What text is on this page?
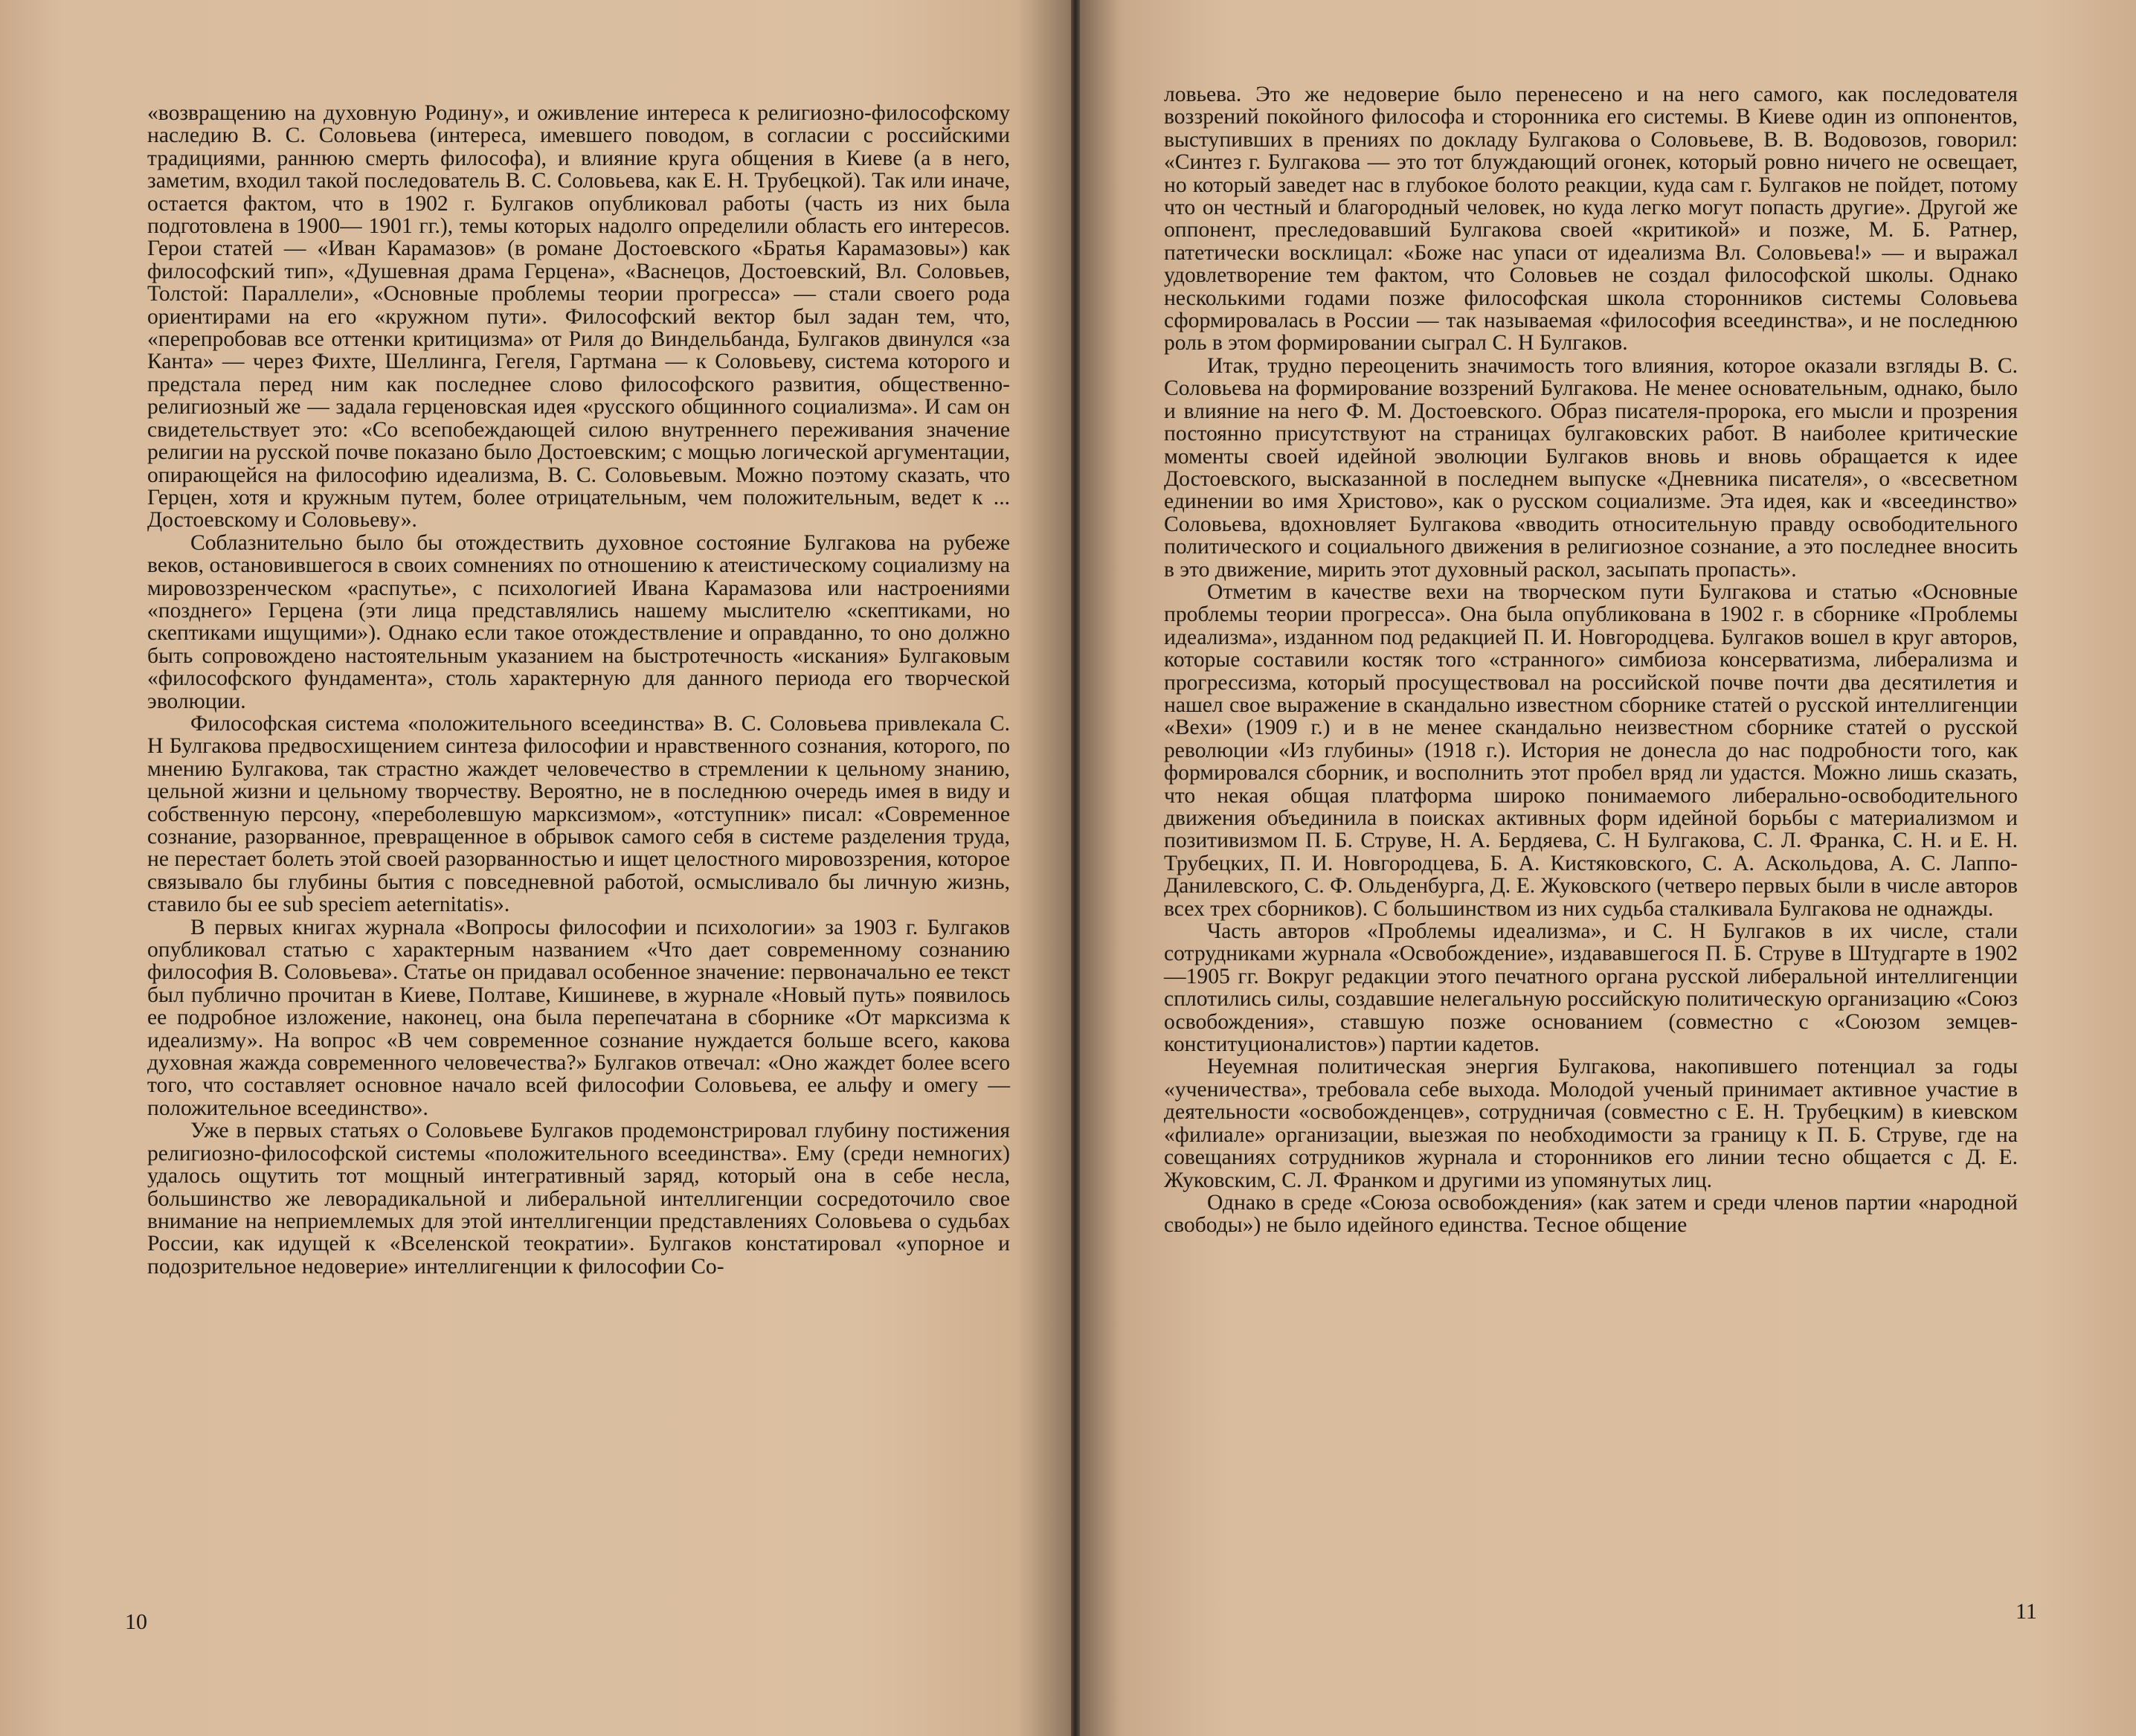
«возвращению на духовную Родину», и оживление интереса к религиозно-философскому наследию В. С. Соловьева (интереса, имевшего поводом, в согласии с российскими традициями, раннюю смерть философа), и влияние круга общения в Киеве (а в него, заметим, входил такой последователь В. С. Соловьева, как Е. Н. Трубецкой). Так или иначе, остается фактом, что в 1902 г. Булгаков опубликовал работы (часть из них была подготовлена в 1900— 1901 гг.), темы которых надолго определили область его интересов. Герои статей — «Иван Карамазов» (в романе Достоевского «Братья Карамазовы») как философский тип», «Душевная драма Герцена», «Васнецов, Достоевский, Вл. Соловьев, Толстой: Параллели», «Основные проблемы теории прогресса» — стали своего рода ориентирами на его «кружном пути». Философский вектор был задан тем, что, «перепробовав все оттенки критицизма» от Риля до Виндельбанда, Булгаков двинулся «за Канта» — через Фихте, Шеллинга, Гегеля, Гартмана — к Соловьеву, система которого и предстала перед ним как последнее слово философского развития, общественно-религиозный же — задала герценовская идея «русского общинного социализма». И сам он свидетельствует это: «Со всепобеждающей силою внутреннего переживания значение религии на русской почве показано было Достоевским; с мощью логической аргументации, опирающейся на философию идеализма, В. С. Соловьевым. Можно поэтому сказать, что Герцен, хотя и кружным путем, более отрицательным, чем положительным, ведет к ... Достоевскому и Соловьеву».

Соблазнительно было бы отождествить духовное состояние Булгакова на рубеже веков, остановившегося в своих сомнениях по отношению к атеистическому социализму на мировоззренческом «распутье», с психологией Ивана Карамазова или настроениями «позднего» Герцена (эти лица представлялись нашему мыслителю «скептиками, но скептиками ищущими»). Однако если такое отождествление и оправданно, то оно должно быть сопровождено настоятельным указанием на быстротечность «искания» Булгаковым «философского фундамента», столь характерную для данного периода его творческой эволюции.

Философская система «положительного всеединства» В. С. Соловьева привлекала С. Н Булгакова предвосхищением синтеза философии и нравственного сознания, которого, по мнению Булгакова, так страстно жаждет человечество в стремлении к цельному знанию, цельной жизни и цельному творчеству. Вероятно, не в последнюю очередь имея в виду и собственную персону, «переболевшую марксизмом», «отступник» писал: «Современное сознание, разорванное, превращенное в обрывок самого себя в системе разделения труда, не перестает болеть этой своей разорванностью и ищет целостного мировоззрения, которое связывало бы глубины бытия с повседневной работой, осмысливало бы личную жизнь, ставило бы ее sub speciem aeternitatis».

В первых книгах журнала «Вопросы философии и психологии» за 1903 г. Булгаков опубликовал статью с характерным названием «Что дает современному сознанию философия В. Соловьева». Статье он придавал особенное значение: первоначально ее текст был публично прочитан в Киеве, Полтаве, Кишиневе, в журнале «Новый путь» появилось ее подробное изложение, наконец, она была перепечатана в сборнике «От марксизма к идеализму». На вопрос «В чем современное сознание нуждается больше всего, какова духовная жажда современного человечества?» Булгаков отвечал: «Оно жаждет более всего того, что составляет основное начало всей философии Соловьева, ее альфу и омегу — положительное всеединство».

Уже в первых статьях о Соловьеве Булгаков продемонстрировал глубину постижения религиозно-философской системы «положительного всеединства». Ему (среди немногих) удалось ощутить тот мощный интегративный заряд, который она в себе несла, большинство же леворадикальной и либеральной интеллигенции сосредоточило свое внимание на неприемлемых для этой интеллигенции представлениях Соловьева о судьбах России, как идущей к «Вселенской теократии». Булгаков констатировал «упорное и подозрительное недоверие» интеллигенции к философии Со-

10

ловьева. Это же недоверие было перенесено и на него самого, как последователя воззрений покойного философа и сторонника его системы. В Киеве один из оппонентов, выступивших в прениях по докладу Булгакова о Соловьеве, В. В. Водовозов, говорил: «Синтез г. Булгакова — это тот блуждающий огонек, который ровно ничего не освещает, но который заведет нас в глубокое болото реакции, куда сам г. Булгаков не пойдет, потому что он честный и благородный человек, но куда легко могут попасть другие». Другой же оппонент, преследовавший Булгакова своей «критикой» и позже, М. Б. Ратнер, патетически восклицал: «Боже нас упаси от идеализма Вл. Соловьева!» — и выражал удовлетворение тем фактом, что Соловьев не создал философской школы. Однако несколькими годами позже философская школа сторонников системы Соловьева сформировалась в России — так называемая «философия всеединства», и не последнюю роль в этом формировании сыграл С. Н Булгаков.

Итак, трудно переоценить значимость того влияния, которое оказали взгляды В. С. Соловьева на формирование воззрений Булгакова. Не менее основательным, однако, было и влияние на него Ф. М. Достоевского. Образ писателя-пророка, его мысли и прозрения постоянно присутствуют на страницах булгаковских работ. В наиболее критические моменты своей идейной эволюции Булгаков вновь и вновь обращается к идее Достоевского, высказанной в последнем выпуске «Дневника писателя», о «всесветном единении во имя Христово», как о русском социализме. Эта идея, как и «всеединство» Соловьева, вдохновляет Булгакова «вводить относительную правду освободительного политического и социального движения в религиозное сознание, а это последнее вносить в это движение, мирить этот духовный раскол, засыпать пропасть».

Отметим в качестве вехи на творческом пути Булгакова и статью «Основные проблемы теории прогресса». Она была опубликована в 1902 г. в сборнике «Проблемы идеализма», изданном под редакцией П. И. Новгородцева. Булгаков вошел в круг авторов, которые составили костяк того «странного» симбиоза консерватизма, либерализма и прогрессизма, который просуществовал на российской почве почти два десятилетия и нашел свое выражение в скандально известном сборнике статей о русской интеллигенции «Вехи» (1909 г.) и в не менее скандально неизвестном сборнике статей о русской революции «Из глубины» (1918 г.). История не донесла до нас подробности того, как формировался сборник, и восполнить этот пробел вряд ли удастся. Можно лишь сказать, что некая общая платформа широко понимаемого либерально-освободительного движения объединила в поисках активных форм идейной борьбы с материализмом и позитивизмом П. Б. Струве, Н. А. Бердяева, С. Н Булгакова, С. Л. Франка, С. Н. и Е. Н. Трубецких, П. И. Новгородцева, Б. А. Кистяковского, С. А. Аскольдова, А. С. Лаппо-Данилевского, С. Ф. Ольденбурга, Д. Е. Жуковского (четверо первых были в числе авторов всех трех сборников). С большинством из них судьба сталкивала Булгакова не однажды.

Часть авторов «Проблемы идеализма», и С. Н Булгаков в их числе, стали сотрудниками журнала «Освобождение», издававшегося П. Б. Струве в Штудгарте в 1902—1905 гг. Вокруг редакции этого печатного органа русской либеральной интеллигенции сплотились силы, создавшие нелегальную российскую политическую организацию «Союз освобождения», ставшую позже основанием (совместно с «Союзом земцев-конституционалистов») партии кадетов.

Неуемная политическая энергия Булгакова, накопившего потенциал за годы «ученичества», требовала себе выхода. Молодой ученый принимает активное участие в деятельности «освобожденцев», сотрудничая (совместно с Е. Н. Трубецким) в киевском «филиале» организации, выезжая по необходимости за границу к П. Б. Струве, где на совещаниях сотрудников журнала и сторонников его линии тесно общается с Д. Е. Жуковским, С. Л. Франком и другими из упомянутых лиц.

Однако в среде «Союза освобождения» (как затем и среди членов партии «народной свободы») не было идейного единства. Тесное общение

11
